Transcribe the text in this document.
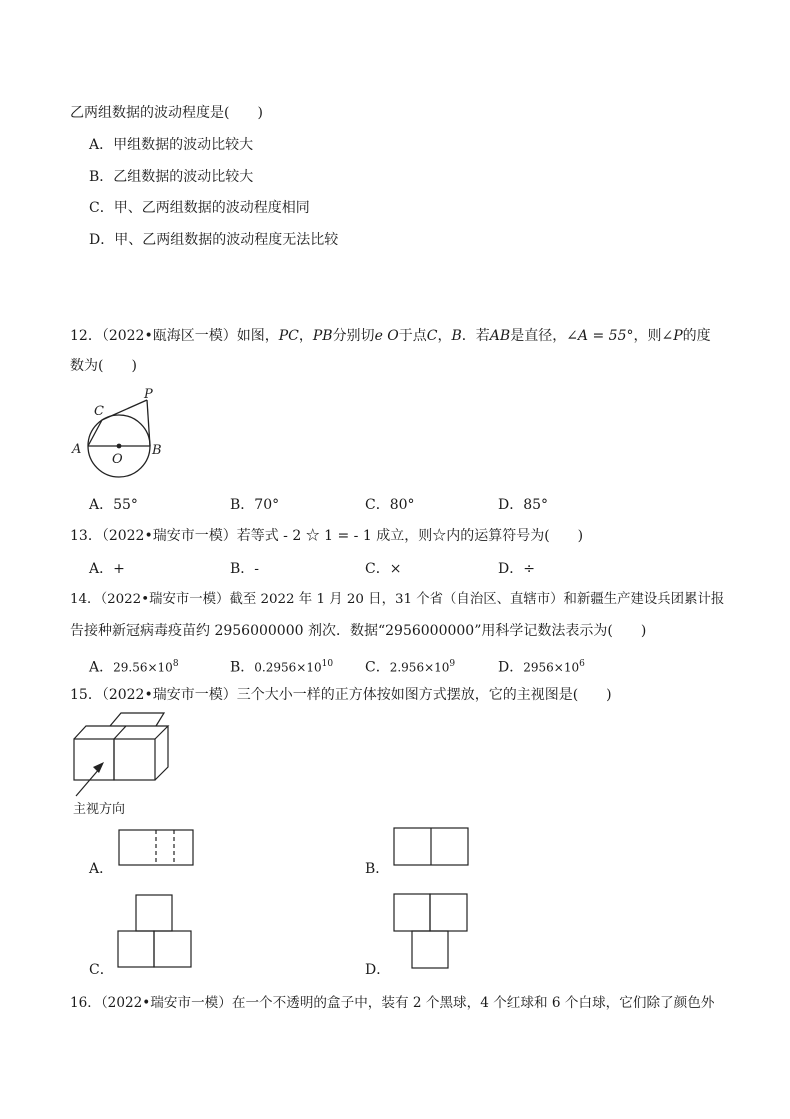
乙两组数据的波动程度是(　　)
A．甲组数据的波动比较大
B．乙组数据的波动比较大
C．甲、乙两组数据的波动程度相同
D．甲、乙两组数据的波动程度无法比较
12．（2022•瓯海区一模）如图，PC，PB分别切e O于点C，B．若AB是直径，∠A = 55°，则∠P的度
数为(　　)
A	B
C
O
P
A．55°	B．70°	C．80°	D．85°
13．（2022•瑞安市一模）若等式 - 2 ☆ 1 = - 1 成立，则☆内的运算符号为(　　)
A．+	B．-	C．×	D．÷
14．（2022•瑞安市一模）截至 2022 年 1 月 20 日，31 个省（自治区、直辖市）和新疆生产建设兵团累计报
告接种新冠病毒疫苗约 2956000000 剂次．数据“2956000000”用科学记数法表示为(　　)
A．$29.56\times 10^8$	B．$0.2956\times 10^{10}$ C．$2.956\times 10^9$	D．$2956\times 10^6$
15．（2022•瑞安市一模）三个大小一样的正方体按如图方式摆放，它的主视图是(　　)
主视方向
A．	B．
C．	D．
16．（2022•瑞安市一模）在一个不透明的盒子中，装有 2 个黑球，4 个红球和 6 个白球，它们除了颜色外
